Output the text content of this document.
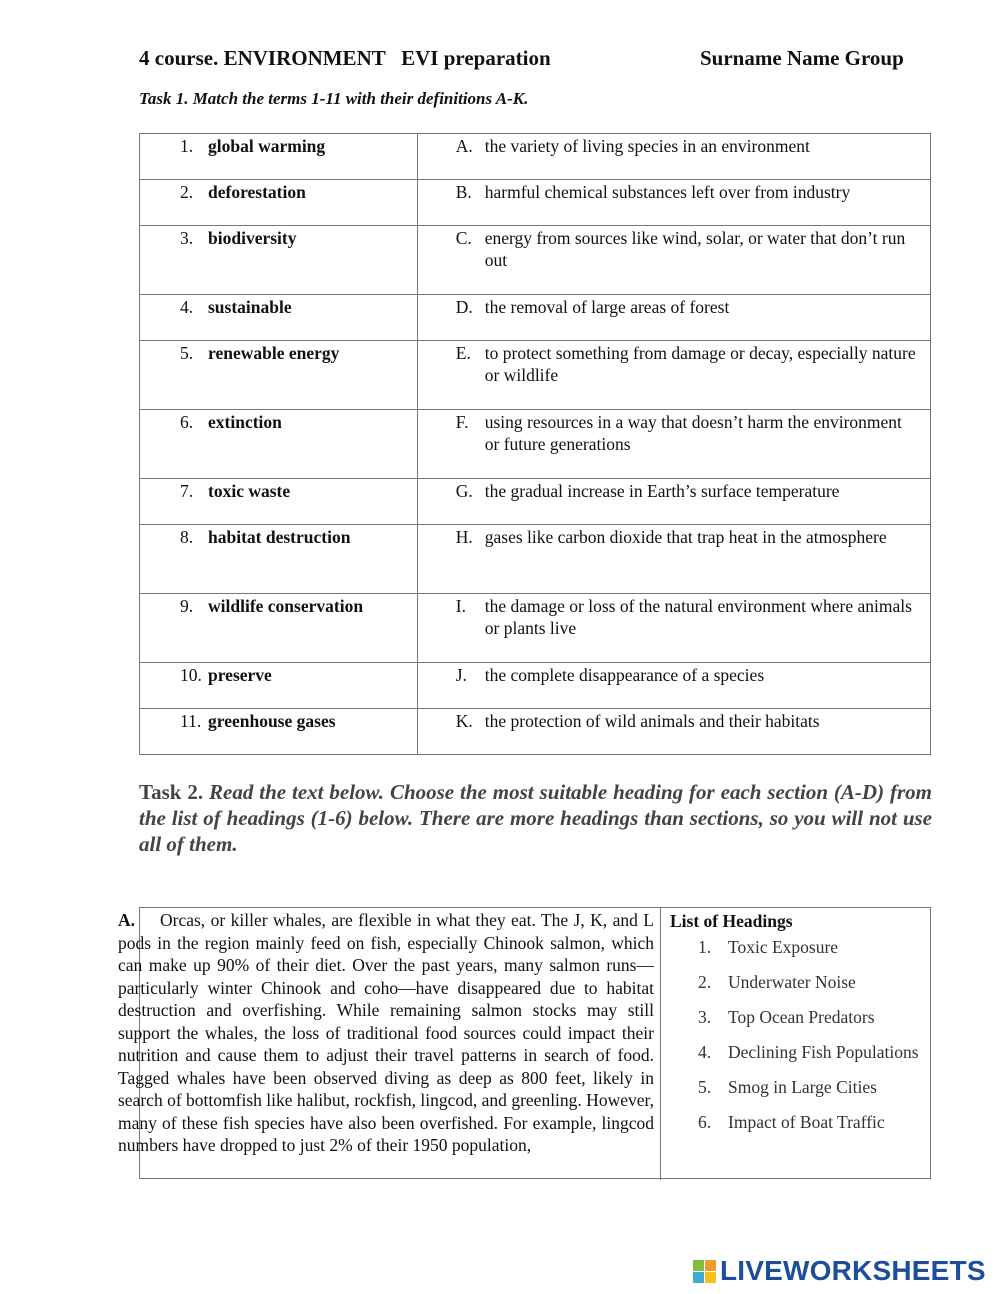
4 course. ENVIRONMENT   EVI preparation	Surname Name Group
Task 1. Match the terms 1-11 with their definitions A-K.
1. global warming	A. the variety of living species in an environment

2. deforestation	B. harmful chemical substances left over from industry

3. biodiversity	C. energy from sources like wind, solar, or water that don’t run out

4. sustainable	D. the removal of large areas of forest

5. renewable energy	E. to protect something from damage or decay, especially nature or wildlife

6. extinction	F. using resources in a way that doesn’t harm the environment or future generations

7. toxic waste	G. the gradual increase in Earth’s surface temperature

8. habitat destruction	H. gases like carbon dioxide that trap heat in the atmosphere

9. wildlife conservation	I. the damage or loss of the natural environment where animals or plants live

10. preserve	J. the complete disappearance of a species

11. greenhouse gases	K. the protection of wild animals and their habitats
Task 2. Read the text below. Choose the most suitable heading for each section (A-D) from the list of headings (1-6) below. There are more headings than sections, so you will not use all of them.
A. Orcas, or killer whales, are flexible in what they eat. The J, K, and L pods in the region mainly feed on fish, especially Chinook salmon, which can make up 90% of their diet. Over the past years, many salmon runs—particularly winter Chinook and coho—have disappeared due to habitat destruction and overfishing. While remaining salmon stocks may still support the whales, the loss of traditional food sources could impact their nutrition and cause them to adjust their travel patterns in search of food. Tagged whales have been observed diving as deep as 800 feet, likely in search of bottomfish like halibut, rockfish, lingcod, and greenling. However, many of these fish species have also been overfished. For example, lingcod numbers have dropped to just 2% of their 1950 population,
List of Headings
1. Toxic Exposure
2. Underwater Noise
3. Top Ocean Predators
4. Declining Fish Populations
5. Smog in Large Cities
6. Impact of Boat Traffic
LIVEWORKSHEETS
